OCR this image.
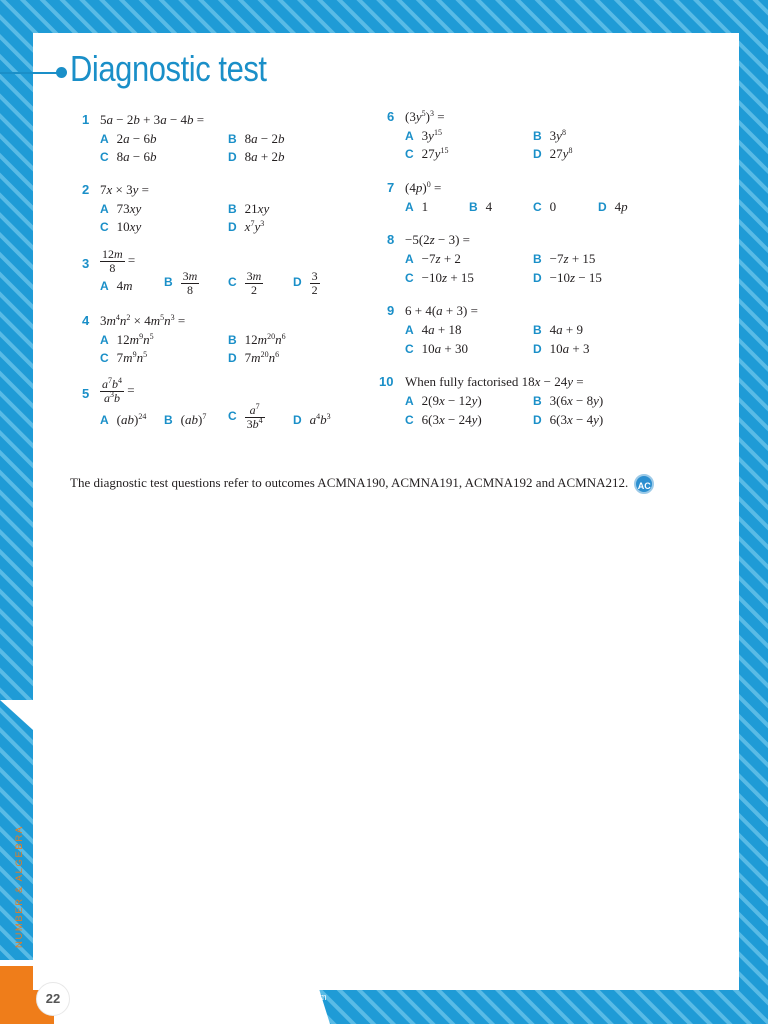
Diagnostic test
1 5a − 2b + 3a − 4b =
A 2a − 6b	B 8a − 2b
C 8a − 6b	D 8a + 2b
2 7x × 3y =
A 73xy	B 21xy
C 10xy	D $x^7y^3$
$3 \frac{12m}{8}$ =
A 4m	B $\frac{3m}{8}$ C $\frac{3m}{2}$ D $\frac{3}{2}$
4 $3m^4n^2 \times 4m^5n^3$ =
A $12m^9n^5$	B $12m^{20}n^6$
C $7m^9n^5$	D $7m^{20}n^6$
$5 \frac{a^7b^4}{a^3b}$ =
A (ab)$^{24}$ B (ab)$^7$ C $\frac{a^7}{3b^4}$ D $a^4b^3$
6 $(3y^5)^3$ =
A $3y^{15}$	B $3y^8$
C $27y^{15}$	D $27y^8$
7 $(4p)^0$ =
A 1	B 4	C 0	D 4p
8 −5(2z − 3) =
A −7z + 2	B −7z + 15
C −10z + 15	D −10z − 15
9 6 + 4(a + 3) =
A 4a + 18	B 4a + 9
C 10a + 30	D 10a + 3
10 When fully factorised 18x − 24y =
A 2(9x − 12y)	B 3(6x − 8y)
C 6(3x − 24y)	D 6(3x − 4y)
The diagnostic test questions refer to outcomes ACMNA190, ACMNA191, ACMNA192 and ACMNA212. AC
NUMBER & ALGEBRA
22	Insight Mathematics 10 stages 5.2/5.3 Australian Curriculum
